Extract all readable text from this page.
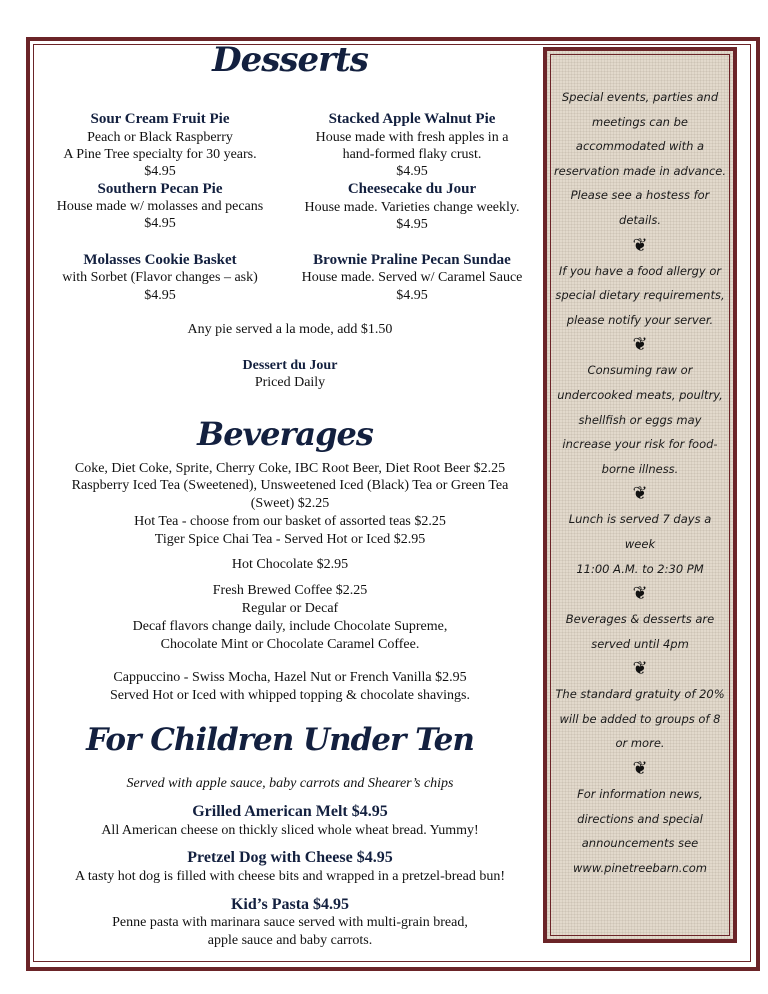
Desserts
Sour Cream Fruit Pie
Peach or Black Raspberry
A Pine Tree specialty for 30 years.
$4.95
Stacked Apple Walnut Pie
House made with fresh apples in a
hand-formed flaky crust.
$4.95
Southern Pecan Pie
House made w/ molasses and pecans
$4.95
Cheesecake du Jour
House made. Varieties change weekly.
$4.95
Molasses Cookie Basket
with Sorbet (Flavor changes – ask)
$4.95
Brownie Praline Pecan Sundae
House made. Served w/ Caramel Sauce
$4.95
Any pie served a la mode, add $1.50
Dessert du Jour
Priced Daily
Beverages
Coke, Diet Coke, Sprite, Cherry Coke, IBC Root Beer, Diet Root Beer $2.25
Raspberry Iced Tea (Sweetened), Unsweetened Iced (Black) Tea or Green Tea
(Sweet) $2.25
Hot Tea - choose from our basket of assorted teas $2.25
Tiger Spice Chai Tea - Served Hot or Iced $2.95
Hot Chocolate $2.95
Fresh Brewed Coffee $2.25
Regular or Decaf
Decaf flavors change daily, include Chocolate Supreme,
Chocolate Mint or Chocolate Caramel Coffee.
Cappuccino - Swiss Mocha, Hazel Nut or French Vanilla $2.95
Served Hot or Iced with whipped topping & chocolate shavings.
For Children Under Ten
Served with apple sauce, baby carrots and Shearer’s chips
Grilled American Melt $4.95
All American cheese on thickly sliced whole wheat bread. Yummy!
Pretzel Dog with Cheese $4.95
A tasty hot dog is filled with cheese bits and wrapped in a pretzel-bread bun!
Kid’s Pasta $4.95
Penne pasta with marinara sauce served with multi-grain bread,
apple sauce and baby carrots.

Special events, parties and meetings can be accommodated with a reservation made in advance. Please see a hostess for details.

❦

If you have a food allergy or special dietary requirements, please notify your server.

❦

Consuming raw or undercooked meats, poultry, shellfish or eggs may increase your risk for food-borne illness.

❦

Lunch is served 7 days a week

11:00 A.M. to 2:30 PM

❦

Beverages & desserts are served until 4pm

❦

The standard gratuity of 20% will be added to groups of 8 or more.

❦

For information news, directions and special announcements see www.pinetreebarn.com
